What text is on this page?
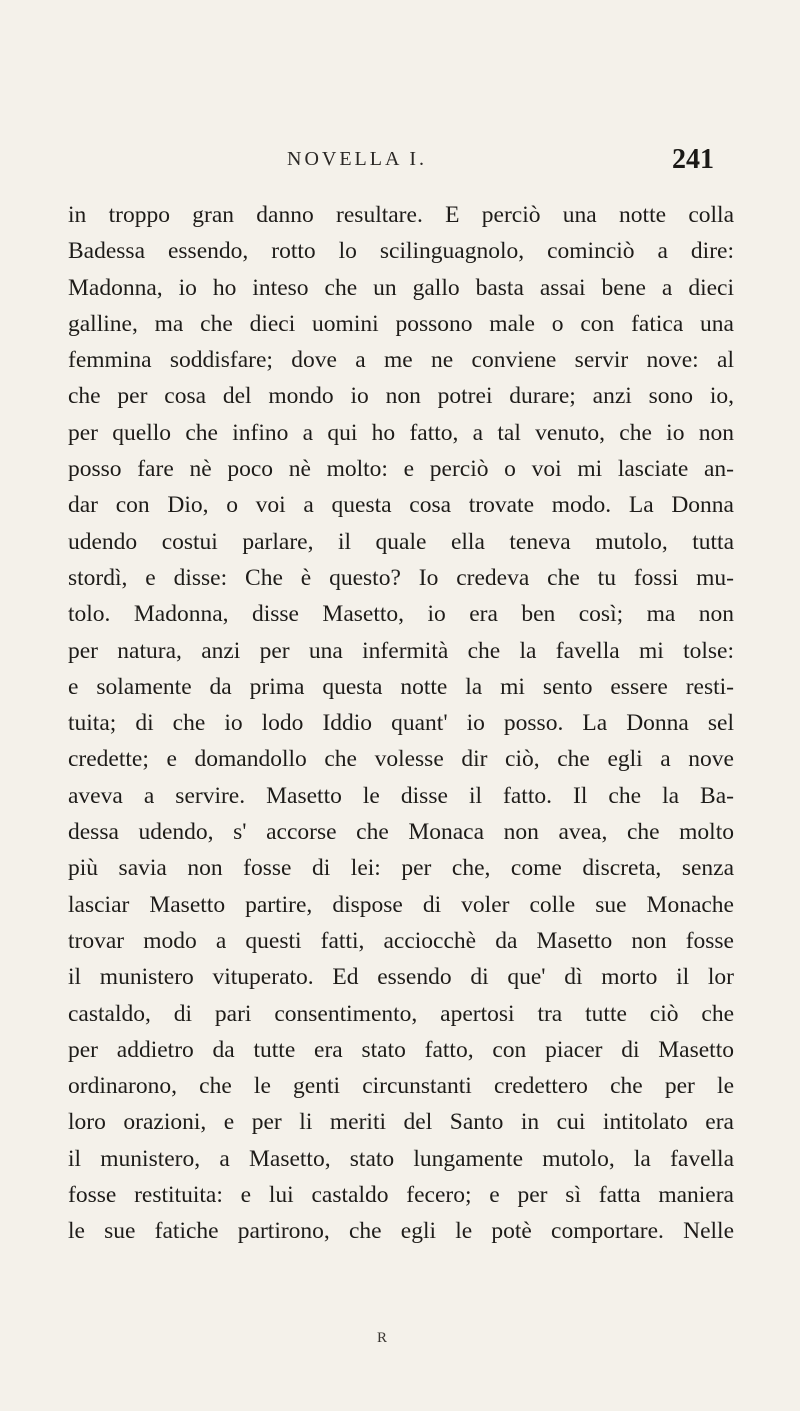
NOVELLA I.	241
in troppo gran danno resultare. E perciò una notte colla
Badessa essendo, rotto lo scilinguagnolo, cominciò a dire:
Madonna, io ho inteso che un gallo basta assai bene a dieci
galline, ma che dieci uomini possono male o con fatica una
femmina soddisfare; dove a me ne conviene servir nove: al
che per cosa del mondo io non potrei durare; anzi sono io,
per quello che infino a qui ho fatto, a tal venuto, che io non
posso fare nè poco nè molto: e perciò o voi mi lasciate an-
dar con Dio, o voi a questa cosa trovate modo. La Donna
udendo costui parlare, il quale ella teneva mutolo, tutta
stordì, e disse: Che è questo? Io credeva che tu fossi mu-
tolo. Madonna, disse Masetto, io era ben così; ma non
per natura, anzi per una infermità che la favella mi tolse:
e solamente da prima questa notte la mi sento essere resti-
tuita; di che io lodo Iddio quant' io posso. La Donna sel
credette; e domandollo che volesse dir ciò, che egli a nove
aveva a servire. Masetto le disse il fatto. Il che la Ba-
dessa udendo, s' accorse che Monaca non avea, che molto
più savia non fosse di lei: per che, come discreta, senza
lasciar Masetto partire, dispose di voler colle sue Monache
trovar modo a questi fatti, acciocchè da Masetto non fosse
il munistero vituperato. Ed essendo di que' dì morto il lor
castaldo, di pari consentimento, apertosi tra tutte ciò che
per addietro da tutte era stato fatto, con piacer di Masetto
ordinarono, che le genti circunstanti credettero che per le
loro orazioni, e per li meriti del Santo in cui intitolato era
il munistero, a Masetto, stato lungamente mutolo, la favella
fosse restituita: e lui castaldo fecero; e per sì fatta maniera
le sue fatiche partirono, che egli le potè comportare. Nelle
R
